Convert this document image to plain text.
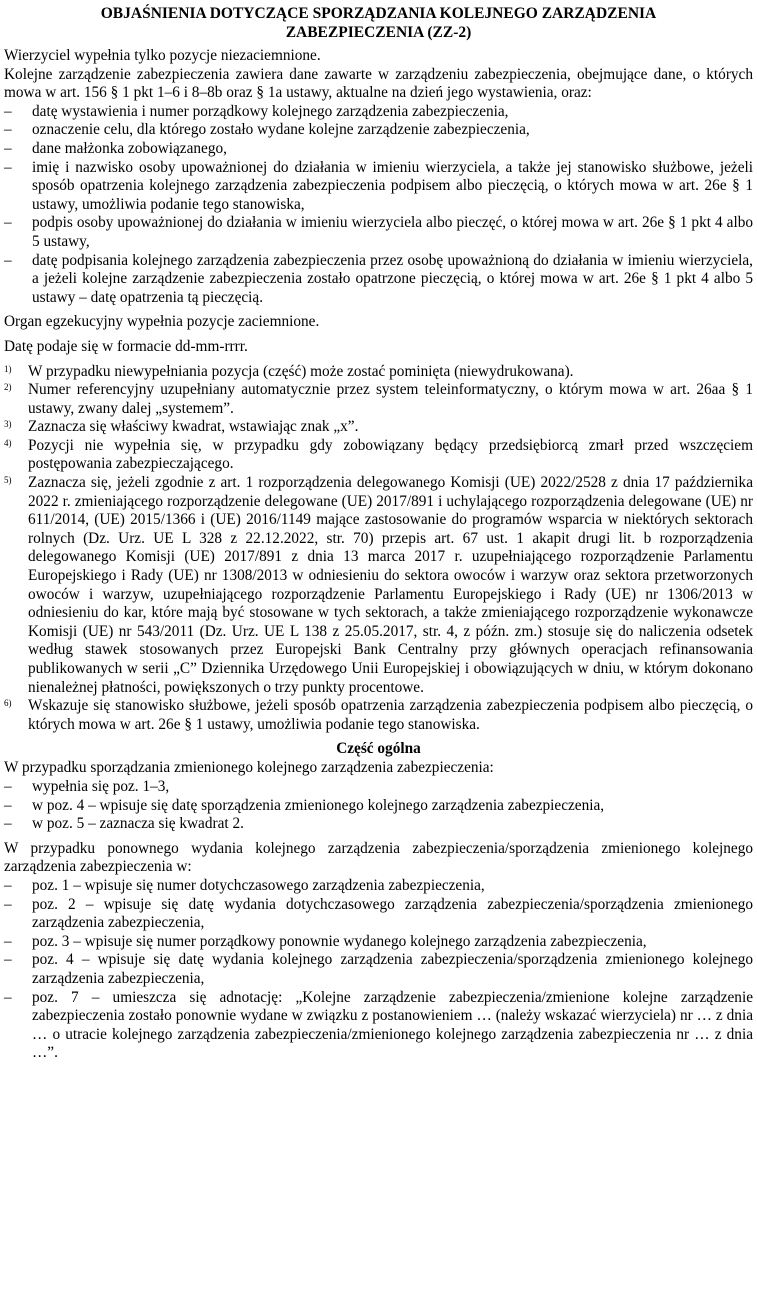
OBJAŚNIENIA DOTYCZĄCE SPORZĄDZANIA KOLEJNEGO ZARZĄDZENIA
ZABEZPIECZENIA (ZZ-2)

Wierzyciel wypełnia tylko pozycje niezaciemnione.

Kolejne zarządzenie zabezpieczenia zawiera dane zawarte w zarządzeniu zabezpieczenia, obejmujące dane, o których mowa w art. 156 § 1 pkt 1–6 i 8–8b oraz § 1a ustawy, aktualne na dzień jego wystawienia, oraz:

– datę wystawienia i numer porządkowy kolejnego zarządzenia zabezpieczenia,
– oznaczenie celu, dla którego zostało wydane kolejne zarządzenie zabezpieczenia,
– dane małżonka zobowiązanego,
– imię i nazwisko osoby upoważnionej do działania w imieniu wierzyciela, a także jej stanowisko służbowe, jeżeli sposób opatrzenia kolejnego zarządzenia zabezpieczenia podpisem albo pieczęcią, o których mowa w art. 26e § 1 ustawy, umożliwia podanie tego stanowiska,
– podpis osoby upoważnionej do działania w imieniu wierzyciela albo pieczęć, o której mowa w art. 26e § 1 pkt 4 albo 5 ustawy,
– datę podpisania kolejnego zarządzenia zabezpieczenia przez osobę upoważnioną do działania w imieniu wierzyciela, a jeżeli kolejne zarządzenie zabezpieczenia zostało opatrzone pieczęcią, o której mowa w art. 26e § 1 pkt 4 albo 5 ustawy – datę opatrzenia tą pieczęcią.

Organ egzekucyjny wypełnia pozycje zaciemnione.

Datę podaje się w formacie dd-mm-rrrr.

1)	W przypadku niewypełniania pozycja (część) może zostać pominięta (niewydrukowana).
2)	Numer referencyjny uzupełniany automatycznie przez system teleinformatyczny, o którym mowa w art. 26aa § 1 ustawy, zwany dalej „systemem”.
3)	Zaznacza się właściwy kwadrat, wstawiając znak „x”.
4)	Pozycji nie wypełnia się, w przypadku gdy zobowiązany będący przedsiębiorcą zmarł przed wszczęciem postępowania zabezpieczającego.
5)	Zaznacza się, jeżeli zgodnie z art. 1 rozporządzenia delegowanego Komisji (UE) 2022/2528 z dnia 17 października 2022 r. zmieniającego rozporządzenie delegowane (UE) 2017/891 i uchylającego rozporządzenia delegowane (UE) nr 611/2014, (UE) 2015/1366 i (UE) 2016/1149 mające zastosowanie do programów wsparcia w niektórych sektorach rolnych (Dz. Urz. UE L 328 z 22.12.2022, str. 70) przepis art. 67 ust. 1 akapit drugi lit. b rozporządzenia delegowanego Komisji (UE) 2017/891 z dnia 13 marca 2017 r. uzupełniającego rozporządzenie Parlamentu Europejskiego i Rady (UE) nr 1308/2013 w odniesieniu do sektora owoców i warzyw oraz sektora przetworzonych owoców i warzyw, uzupełniającego rozporządzenie Parlamentu Europejskiego i Rady (UE) nr 1306/2013 w odniesieniu do kar, które mają być stosowane w tych sektorach, a także zmieniającego rozporządzenie wykonawcze Komisji (UE) nr 543/2011 (Dz. Urz. UE L 138 z 25.05.2017, str. 4, z późn. zm.) stosuje się do naliczenia odsetek według stawek stosowanych przez Europejski Bank Centralny przy głównych operacjach refinansowania publikowanych w serii „C” Dziennika Urzędowego Unii Europejskiej i obowiązujących w dniu, w którym dokonano nienależnej płatności, powiększonych o trzy punkty procentowe.
6)	Wskazuje się stanowisko służbowe, jeżeli sposób opatrzenia zarządzenia zabezpieczenia podpisem albo pieczęcią, o których mowa w art. 26e § 1 ustawy, umożliwia podanie tego stanowiska.
Część ogólna

W przypadku sporządzania zmienionego kolejnego zarządzenia zabezpieczenia:

– wypełnia się poz. 1–3,
– w poz. 4 – wpisuje się datę sporządzenia zmienionego kolejnego zarządzenia zabezpieczenia,
– w poz. 5 – zaznacza się kwadrat 2.

W przypadku ponownego wydania kolejnego zarządzenia zabezpieczenia/sporządzenia zmienionego kolejnego zarządzenia zabezpieczenia w:

– poz. 1 – wpisuje się numer dotychczasowego zarządzenia zabezpieczenia,
– poz. 2 – wpisuje się datę wydania dotychczasowego zarządzenia zabezpieczenia/sporządzenia zmienionego zarządzenia zabezpieczenia,
– poz. 3 – wpisuje się numer porządkowy ponownie wydanego kolejnego zarządzenia zabezpieczenia,
– poz. 4 – wpisuje się datę wydania kolejnego zarządzenia zabezpieczenia/sporządzenia zmienionego kolejnego zarządzenia zabezpieczenia,
– poz. 7 – umieszcza się adnotację: „Kolejne zarządzenie zabezpieczenia/zmienione kolejne zarządzenie zabezpieczenia zostało ponownie wydane w związku z postanowieniem … (należy wskazać wierzyciela) nr … z dnia … o utracie kolejnego zarządzenia zabezpieczenia/zmienionego kolejnego zarządzenia zabezpieczenia nr … z dnia …”.
